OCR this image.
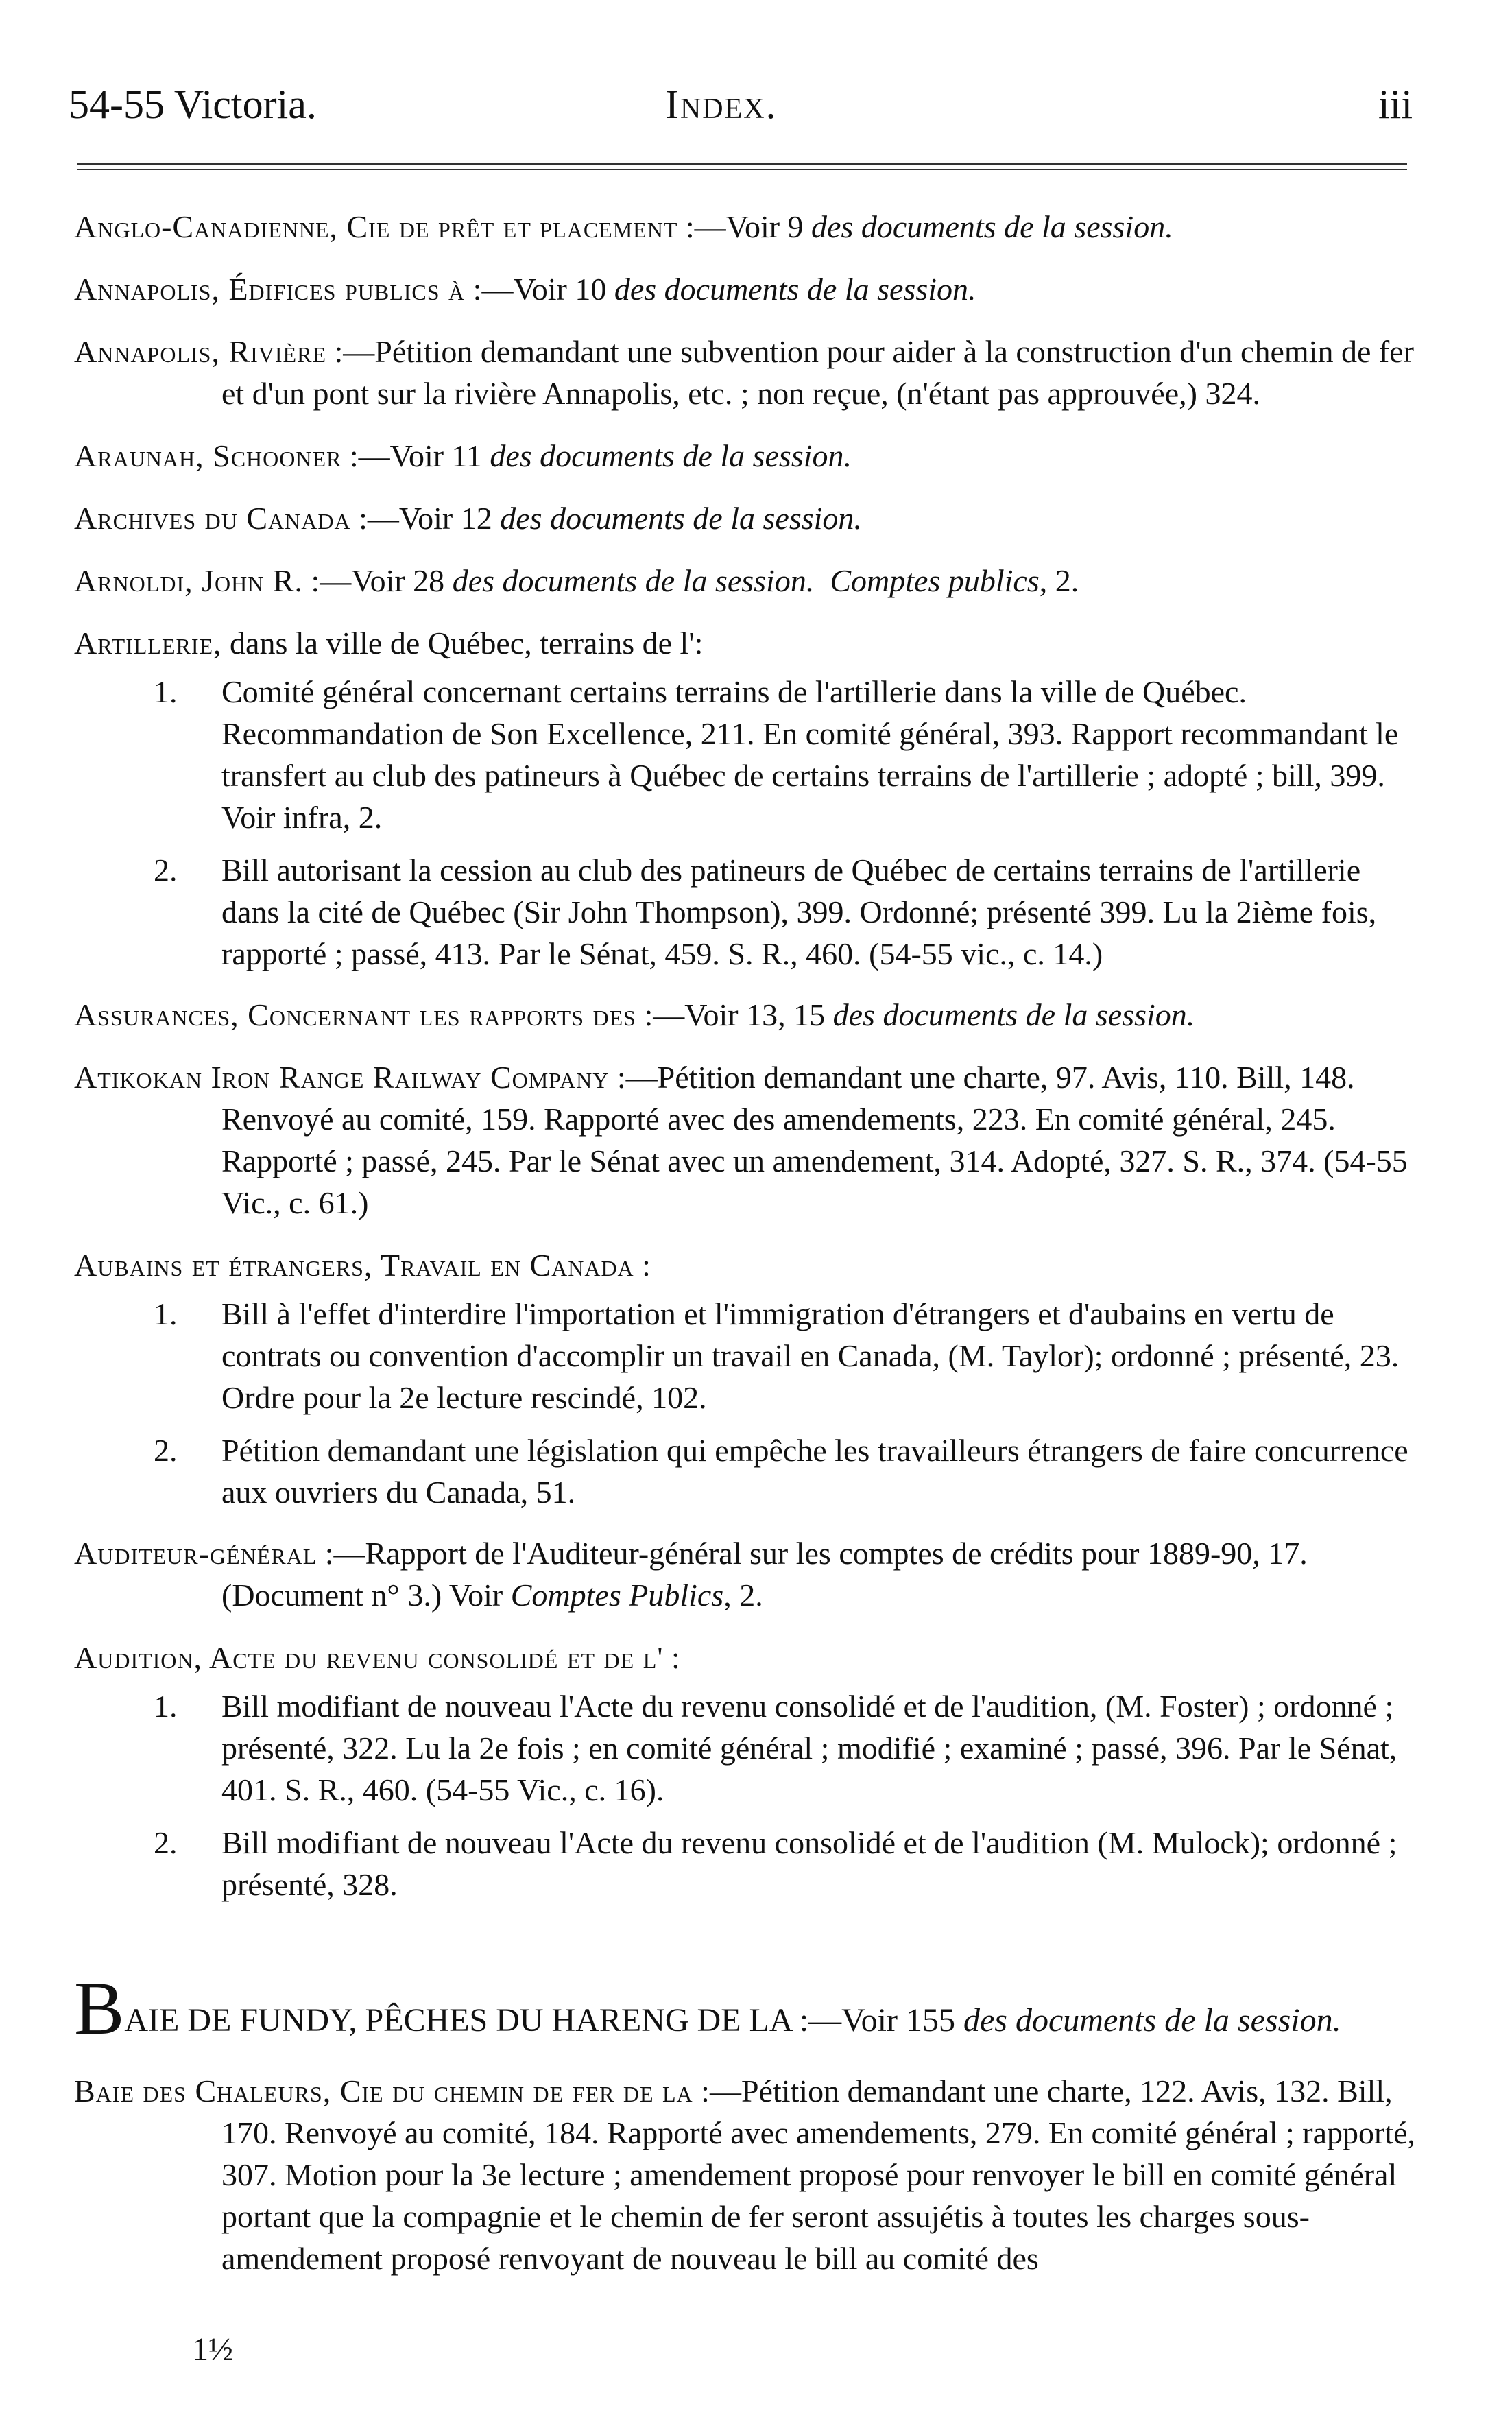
54-55 Victoria.	Index.	iii

Anglo-Canadienne, Cie de prêt et placement :—Voir 9 des documents de la session.

Annapolis, Édifices publics à :—Voir 10 des documents de la session.

Annapolis, Rivière :—Pétition demandant une subvention pour aider à la construction d'un chemin de fer et d'un pont sur la rivière Annapolis, etc. ; non reçue, (n'étant pas approuvée,) 324.

Araunah, Schooner :—Voir 11 des documents de la session.

Archives du Canada :—Voir 12 des documents de la session.

Arnoldi, John R. :—Voir 28 des documents de la session. Comptes publics, 2.

Artillerie, dans la ville de Québec, terrains de l':

1. Comité général concernant certains terrains de l'artillerie dans la ville de Québec. Recommandation de Son Excellence, 211. En comité général, 393. Rapport recommandant le transfert au club des patineurs à Québec de certains terrains de l'artillerie ; adopté ; bill, 399. Voir infra, 2.
2. Bill autorisant la cession au club des patineurs de Québec de certains terrains de l'artillerie dans la cité de Québec (Sir John Thompson), 399. Ordonné; présenté 399. Lu la 2ième fois, rapporté ; passé, 413. Par le Sénat, 459. S. R., 460. (54-55 vic., c. 14.)

Assurances, Concernant les rapports des :—Voir 13, 15 des documents de la session.

Atikokan Iron Range Railway Company :—Pétition demandant une charte, 97. Avis, 110. Bill, 148. Renvoyé au comité, 159. Rapporté avec des amendements, 223. En comité général, 245. Rapporté ; passé, 245. Par le Sénat avec un amendement, 314. Adopté, 327. S. R., 374. (54-55 Vic., c. 61.)

Aubains et étrangers, Travail en Canada :

1. Bill à l'effet d'interdire l'importation et l'immigration d'étrangers et d'aubains en vertu de contrats ou convention d'accomplir un travail en Canada, (M. Taylor); ordonné ; présenté, 23. Ordre pour la 2e lecture rescindé, 102.
2. Pétition demandant une législation qui empêche les travailleurs étrangers de faire concurrence aux ouvriers du Canada, 51.

Auditeur-général :—Rapport de l'Auditeur-général sur les comptes de crédits pour 1889-90, 17. (Document n° 3.) Voir Comptes Publics, 2.

Audition, Acte du revenu consolidé et de l' :

1. Bill modifiant de nouveau l'Acte du revenu consolidé et de l'audition, (M. Foster) ; ordonné ; présenté, 322. Lu la 2e fois ; en comité général ; modifié ; examiné ; passé, 396. Par le Sénat, 401. S. R., 460. (54-55 Vic., c. 16).
2. Bill modifiant de nouveau l'Acte du revenu consolidé et de l'audition (M. Mulock); ordonné ; présenté, 328.

BAIE DE FUNDY, PÊCHES DU HARENG DE LA :—Voir 155 des documents de la session.

Baie des Chaleurs, Cie du chemin de fer de la :—Pétition demandant une charte, 122. Avis, 132. Bill, 170. Renvoyé au comité, 184. Rapporté avec amendements, 279. En comité général ; rapporté, 307. Motion pour la 3e lecture ; amendement proposé pour renvoyer le bill en comité général portant que la compagnie et le chemin de fer seront assujétis à toutes les charges sous-amendement proposé renvoyant de nouveau le bill au comité des

1½
